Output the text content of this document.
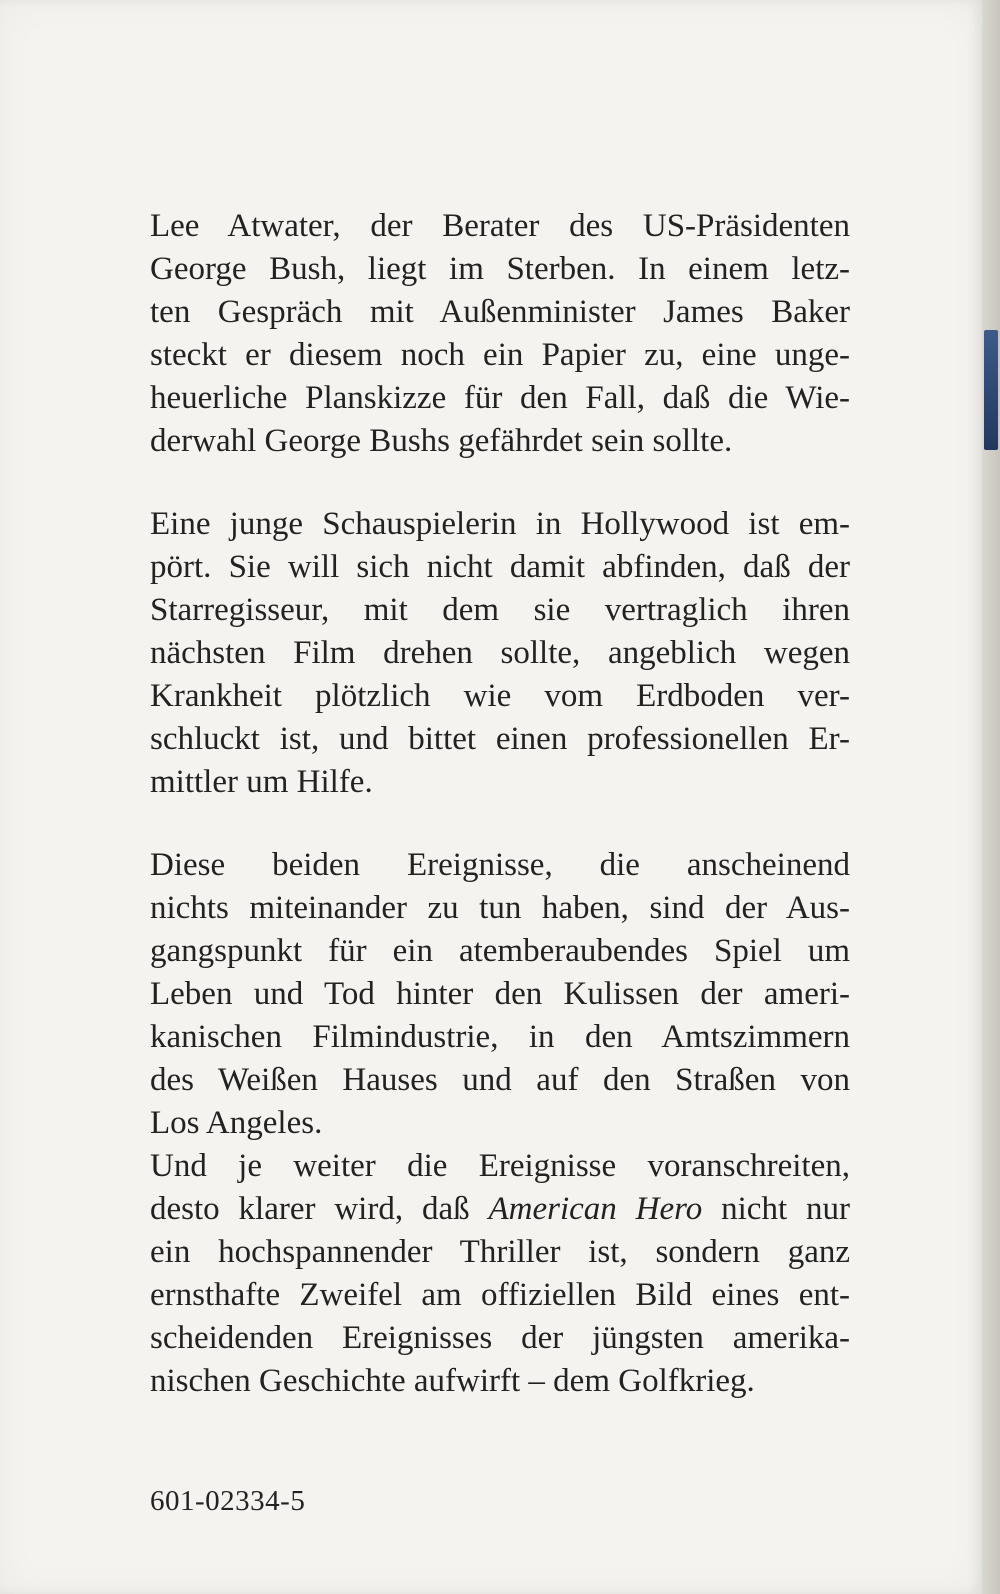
Lee Atwater, der Berater des US-Präsidenten
George Bush, liegt im Sterben. In einem letz-
ten Gespräch mit Außenminister James Baker
steckt er diesem noch ein Papier zu, eine unge-
heuerliche Planskizze für den Fall, daß die Wie-
derwahl George Bushs gefährdet sein sollte.
Eine junge Schauspielerin in Hollywood ist em-
pört. Sie will sich nicht damit abfinden, daß der
Starregisseur, mit dem sie vertraglich ihren
nächsten Film drehen sollte, angeblich wegen
Krankheit plötzlich wie vom Erdboden ver-
schluckt ist, und bittet einen professionellen Er-
mittler um Hilfe.
Diese beiden Ereignisse, die anscheinend
nichts miteinander zu tun haben, sind der Aus-
gangspunkt für ein atemberaubendes Spiel um
Leben und Tod hinter den Kulissen der ameri-
kanischen Filmindustrie, in den Amtszimmern
des Weißen Hauses und auf den Straßen von
Los Angeles.
Und je weiter die Ereignisse voranschreiten,
desto klarer wird, daß American Hero nicht nur
ein hochspannender Thriller ist, sondern ganz
ernsthafte Zweifel am offiziellen Bild eines ent-
scheidenden Ereignisses der jüngsten amerika-
nischen Geschichte aufwirft – dem Golfkrieg.
601-02334-5
